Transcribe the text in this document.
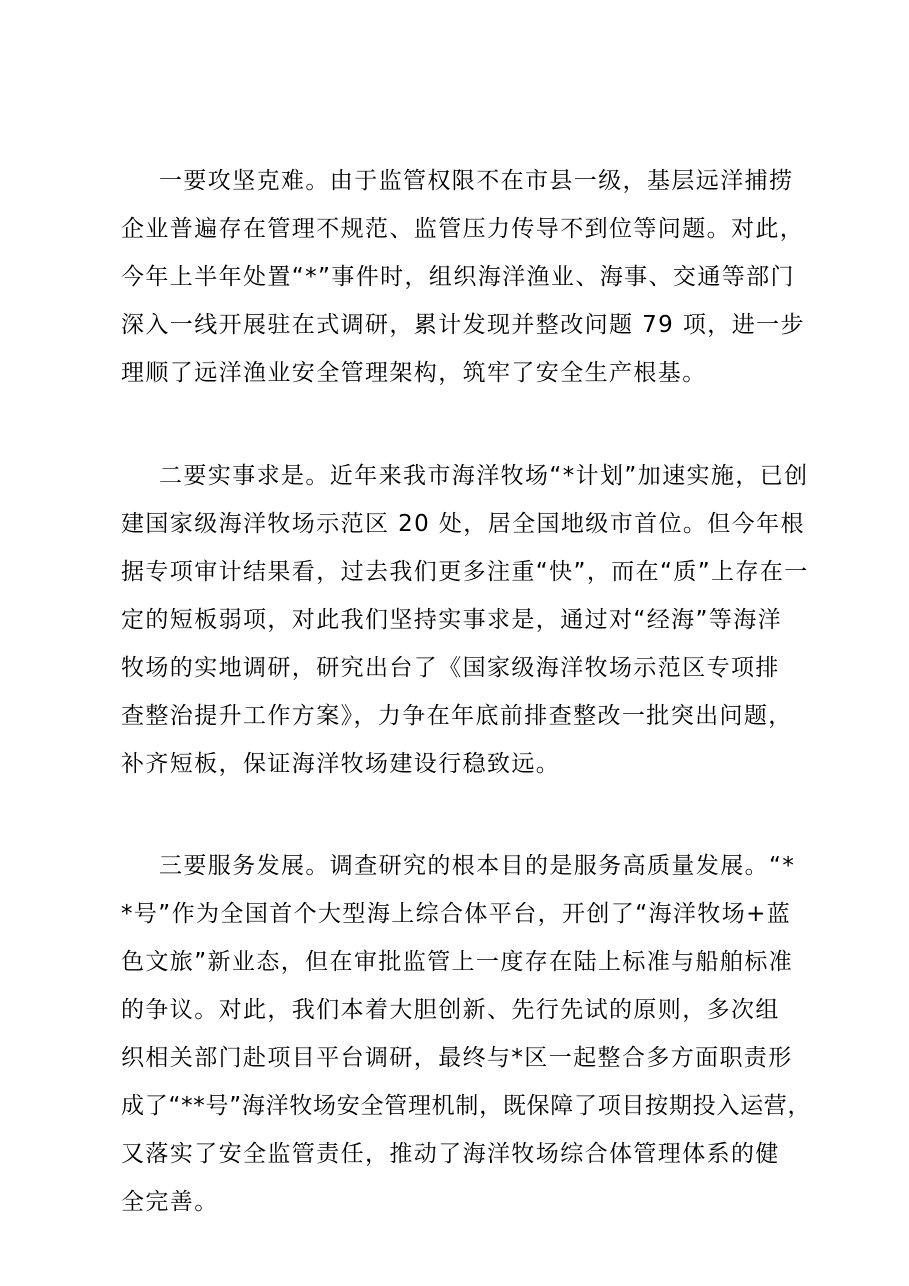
一要攻坚克难。由于监管权限不在市县一级，基层远洋捕捞
企业普遍存在管理不规范、监管压力传导不到位等问题。对此，
今年上半年处置“*”事件时，组织海洋渔业、海事、交通等部门
深入一线开展驻在式调研，累计发现并整改问题 79 项，进一步
理顺了远洋渔业安全管理架构，筑牢了安全生产根基。
二要实事求是。近年来我市海洋牧场“*计划”加速实施，已创
建国家级海洋牧场示范区 20 处，居全国地级市首位。但今年根
据专项审计结果看，过去我们更多注重“快”，而在“质”上存在一
定的短板弱项，对此我们坚持实事求是，通过对“经海”等海洋
牧场的实地调研，研究出台了《国家级海洋牧场示范区专项排
查整治提升工作方案》，力争在年底前排查整改一批突出问题，
补齐短板，保证海洋牧场建设行稳致远。
三要服务发展。调查研究的根本目的是服务高质量发展。“*
*号”作为全国首个大型海上综合体平台，开创了“海洋牧场+蓝
色文旅”新业态，但在审批监管上一度存在陆上标准与船舶标准
的争议。对此，我们本着大胆创新、先行先试的原则，多次组
织相关部门赴项目平台调研，最终与*区一起整合多方面职责形
成了“**号”海洋牧场安全管理机制，既保障了项目按期投入运营，
又落实了安全监管责任，推动了海洋牧场综合体管理体系的健
全完善。
